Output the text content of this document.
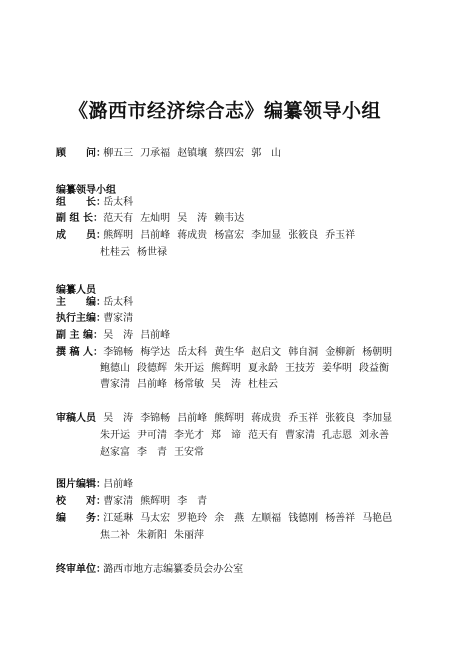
《潞西市经济综合志》编纂领导小组
顾　　问： 柳五三 刀承福 赵镇壤 蔡四宏 郭　山
编纂领导小组
组　　长： 岳太科
副 组 长： 范天有 左灿明 吴　涛 赖韦达
成　　员： 熊辉明 吕前峰 蒋成贵 杨富宏 李加显 张筱良 乔玉祥
杜桂云 杨世禄
编纂人员
主　　编： 岳太科
执行主编： 曹家清
副 主 编： 吴　涛 吕前峰
撰 稿 人： 李锦畅 梅学达 岳太科 黄生华 赵启文 韩自洞 金柳新 杨朝明
鲍德山 段德辉 朱开运 熊辉明 夏永龄 王技芳 姜华明 段益衡
曹家清 吕前峰 杨常敏 吴　涛 杜桂云
审稿人员 吴　涛 李锦畅 吕前峰 熊辉明 蒋成贵 乔玉祥 张筱良 李加显
朱开运 尹可清 李光才 郑　谛 范天有 曹家清 孔志恩 刘永善
赵家富 李　青 王安常
图片编辑： 吕前峰
校　　对： 曹家清 熊辉明 李　青
编　　务： 江延琳 马太宏 罗艳玲 余　燕 左顺福 钱德刚 杨善祥 马艳邑
焦二补 朱新阳 朱丽萍
终审单位： 潞西市地方志编纂委员会办公室
